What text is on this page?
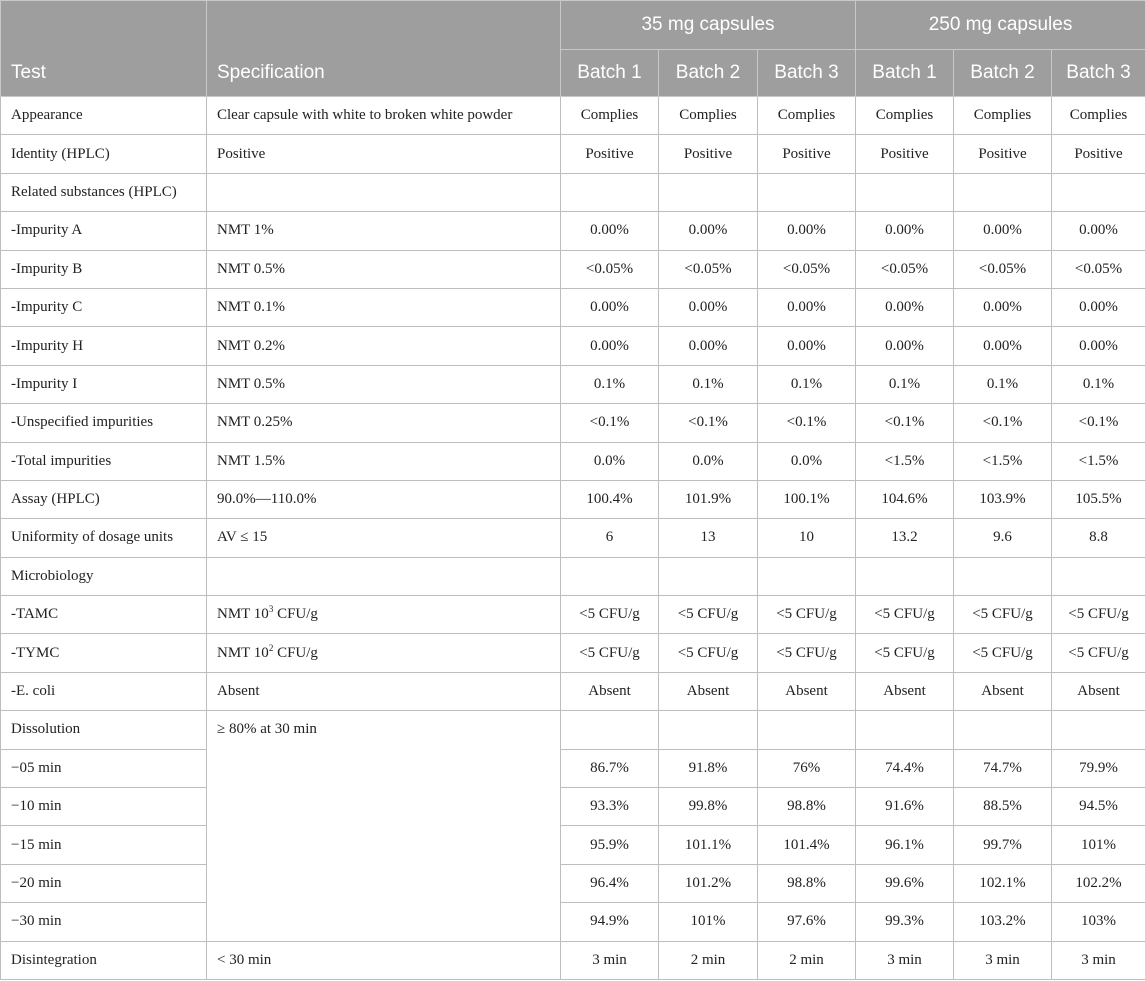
Test	Specification	35 mg capsules			250 mg capsules		
		Batch 1	Batch 2	Batch 3	Batch 1	Batch 2	Batch 3
Appearance	Clear capsule with white to broken white powder	Complies	Complies	Complies	Complies	Complies	Complies
Identity (HPLC)	Positive	Positive	Positive	Positive	Positive	Positive	Positive
Related substances (HPLC)							
-Impurity A	NMT 1%	0.00%	0.00%	0.00%	0.00%	0.00%	0.00%
-Impurity B	NMT 0.5%	<0.05%	<0.05%	<0.05%	<0.05%	<0.05%	<0.05%
-Impurity C	NMT 0.1%	0.00%	0.00%	0.00%	0.00%	0.00%	0.00%
-Impurity H	NMT 0.2%	0.00%	0.00%	0.00%	0.00%	0.00%	0.00%
-Impurity I	NMT 0.5%	0.1%	0.1%	0.1%	0.1%	0.1%	0.1%
-Unspecified impurities	NMT 0.25%	<0.1%	<0.1%	<0.1%	<0.1%	<0.1%	<0.1%
-Total impurities	NMT 1.5%	0.0%	0.0%	0.0%	<1.5%	<1.5%	<1.5%
Assay (HPLC)	90.0%—110.0%	100.4%	101.9%	100.1%	104.6%	103.9%	105.5%
Uniformity of dosage units	AV ≤ 15	6	13	10	13.2	9.6	8.8
Microbiology							
-TAMC	NMT $10^3$ CFU/g	<5 CFU/g	<5 CFU/g	<5 CFU/g	<5 CFU/g	<5 CFU/g	<5 CFU/g
-TYMC	NMT $10^2$ CFU/g	<5 CFU/g	<5 CFU/g	<5 CFU/g	<5 CFU/g	<5 CFU/g	<5 CFU/g
-E. coli	Absent	Absent	Absent	Absent	Absent	Absent	Absent
Dissolution	≥ 80% at 30 min						
−05 min		86.7%	91.8%	76%	74.4%	74.7%	79.9%
−10 min		93.3%	99.8%	98.8%	91.6%	88.5%	94.5%
−15 min		95.9%	101.1%	101.4%	96.1%	99.7%	101%
−20 min		96.4%	101.2%	98.8%	99.6%	102.1%	102.2%
−30 min		94.9%	101%	97.6%	99.3%	103.2%	103%
Disintegration	< 30 min	3 min	2 min	2 min	3 min	3 min	3 min
